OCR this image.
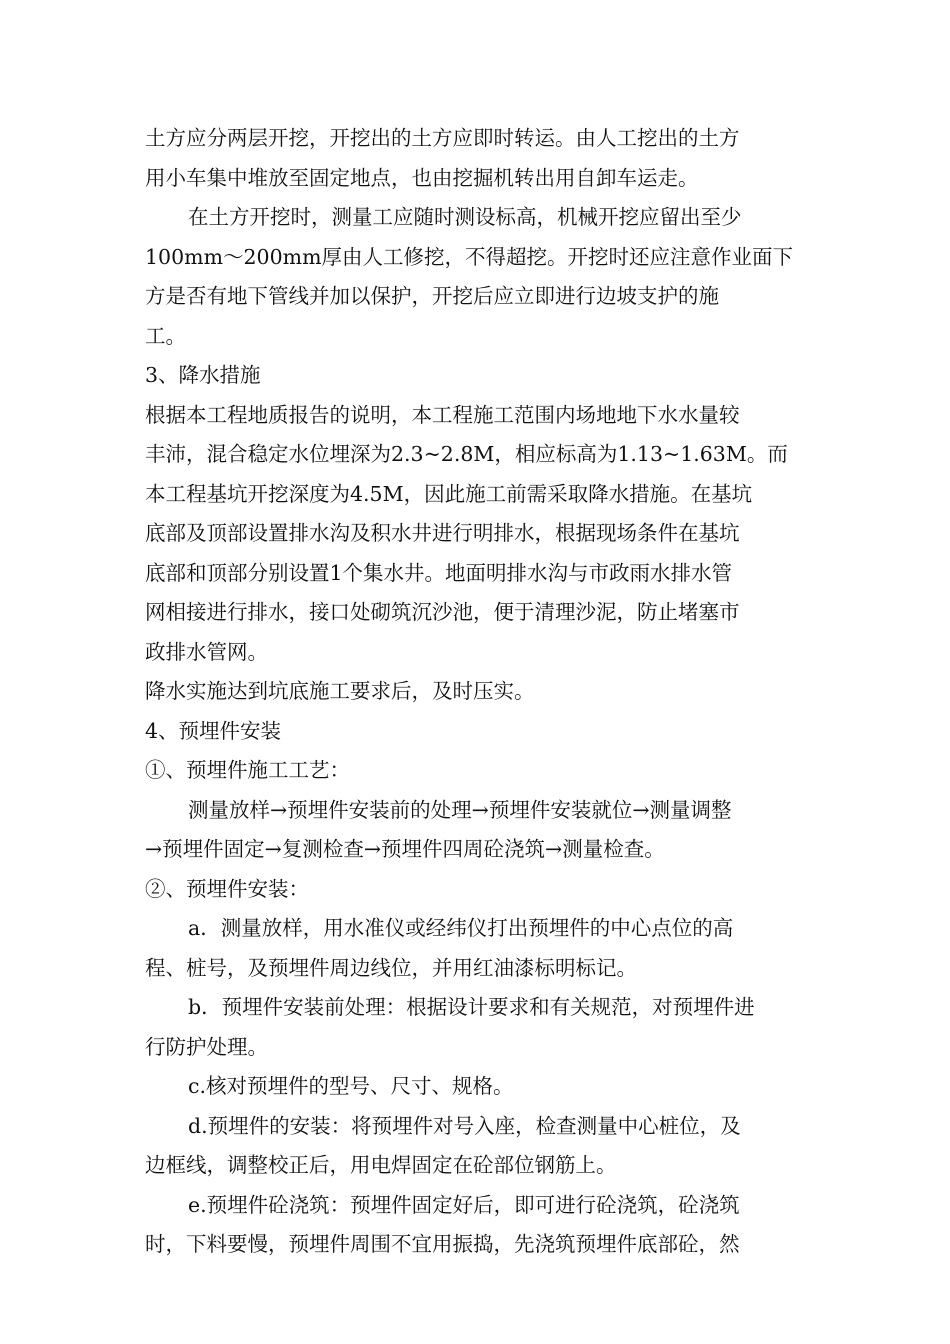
土方应分两层开挖，开挖出的土方应即时转运。由人工挖出的土方
用小车集中堆放至固定地点，也由挖掘机转出用自卸车运走。
在土方开挖时，测量工应随时测设标高，机械开挖应留出至少
100mm～200mm厚由人工修挖，不得超挖。开挖时还应注意作业面下
方是否有地下管线并加以保护，开挖后应立即进行边坡支护的施
工。
3、降水措施
根据本工程地质报告的说明，本工程施工范围内场地地下水水量较
丰沛，混合稳定水位埋深为2.3~2.8M，相应标高为1.13~1.63M。而
本工程基坑开挖深度为4.5M，因此施工前需采取降水措施。在基坑
底部及顶部设置排水沟及积水井进行明排水，根据现场条件在基坑
底部和顶部分别设置1个集水井。地面明排水沟与市政雨水排水管
网相接进行排水，接口处砌筑沉沙池，便于清理沙泥，防止堵塞市
政排水管网。
降水实施达到坑底施工要求后，及时压实。
4、预埋件安装
①、预埋件施工工艺：
测量放样→预埋件安装前的处理→预埋件安装就位→测量调整
→预埋件固定→复测检查→预埋件四周砼浇筑→测量检查。
②、预埋件安装：
a．测量放样，用水准仪或经纬仪打出预埋件的中心点位的高
程、桩号，及预埋件周边线位，并用红油漆标明标记。
b．预埋件安装前处理：根据设计要求和有关规范，对预埋件进
行防护处理。
c.核对预埋件的型号、尺寸、规格。
d.预埋件的安装：将预埋件对号入座，检查测量中心桩位，及
边框线，调整校正后，用电焊固定在砼部位钢筋上。
e.预埋件砼浇筑：预埋件固定好后，即可进行砼浇筑，砼浇筑
时，下料要慢，预埋件周围不宜用振捣，先浇筑预埋件底部砼，然
